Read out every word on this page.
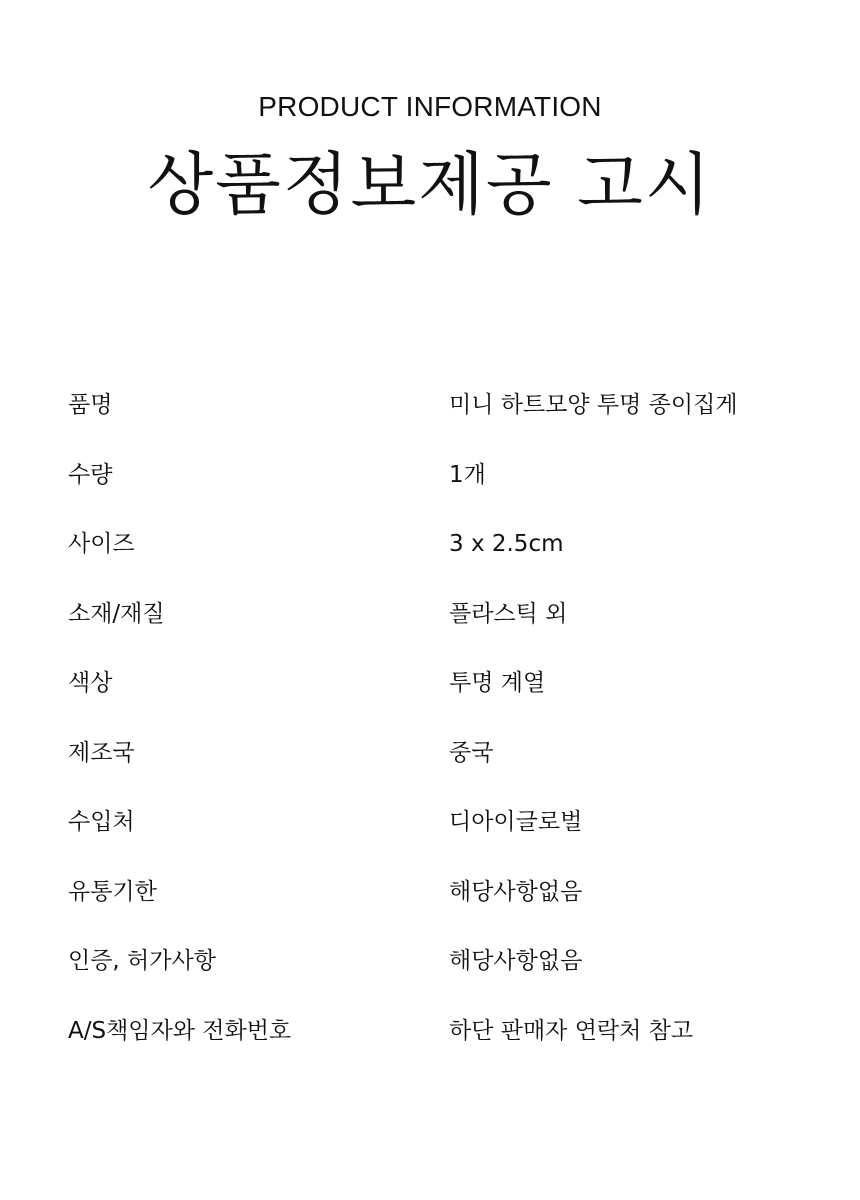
PRODUCT INFORMATION
상품정보제공 고시
품명	미니 하트모양 투명 종이집게
수량	1개
사이즈	3 x 2.5cm
소재/재질	플라스틱 외
색상	투명 계열
제조국	중국
수입처	디아이글로벌
유통기한	해당사항없음
인증, 허가사항	해당사항없음
A/S책임자와 전화번호	하단 판매자 연락처 참고
